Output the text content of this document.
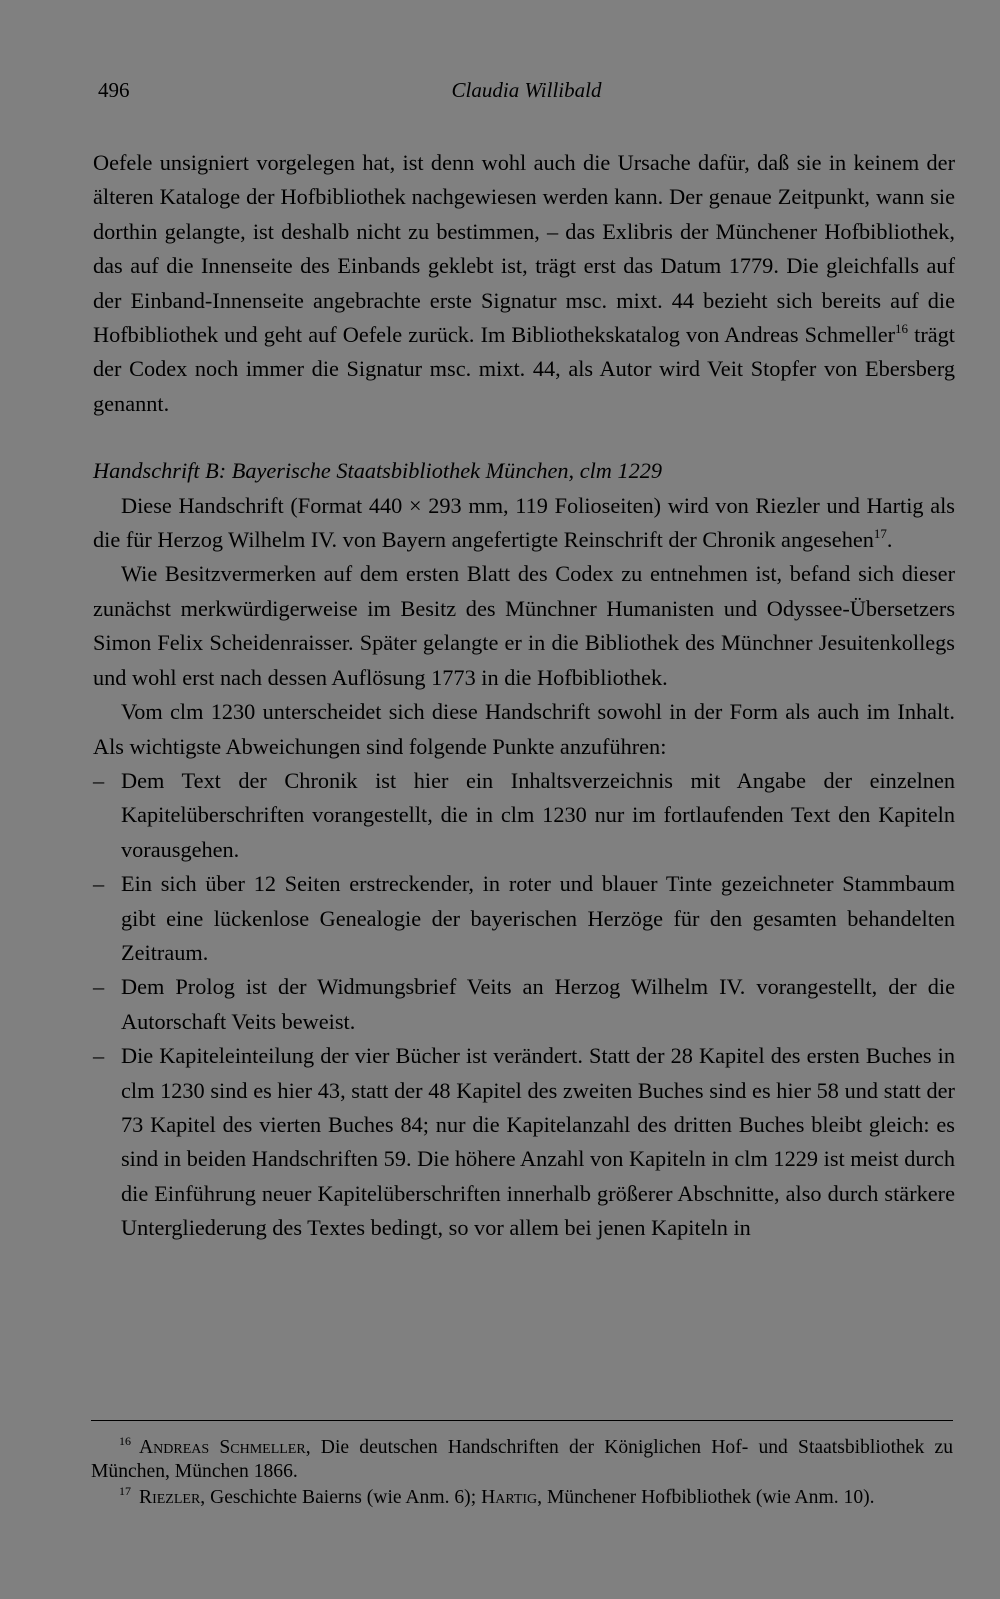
496	Claudia Willibald

Oefele unsigniert vorgelegen hat, ist denn wohl auch die Ursache dafür, daß sie in keinem der älteren Kataloge der Hofbibliothek nachgewiesen werden kann. Der genaue Zeitpunkt, wann sie dorthin gelangte, ist deshalb nicht zu bestimmen, – das Exlibris der Münchener Hofbibliothek, das auf die Innenseite des Einbands geklebt ist, trägt erst das Datum 1779. Die gleichfalls auf der Einband-Innenseite angebrachte erste Signatur msc. mixt. 44 bezieht sich bereits auf die Hofbibliothek und geht auf Oefele zurück. Im Bibliothekskatalog von Andreas Schmeller$^{16}$ trägt der Codex noch immer die Signatur msc. mixt. 44, als Autor wird Veit Stopfer von Ebersberg genannt.

Handschrift B: Bayerische Staatsbibliothek München, clm 1229

Diese Handschrift (Format 440 × 293 mm, 119 Folioseiten) wird von Riezler und Hartig als die für Herzog Wilhelm IV. von Bayern angefertigte Reinschrift der Chronik angesehen$^{17}$.

Wie Besitzvermerken auf dem ersten Blatt des Codex zu entnehmen ist, befand sich dieser zunächst merkwürdigerweise im Besitz des Münchner Humanisten und Odyssee-Übersetzers Simon Felix Scheidenraisser. Später gelangte er in die Bibliothek des Münchner Jesuitenkollegs und wohl erst nach dessen Auflösung 1773 in die Hofbibliothek.

Vom clm 1230 unterscheidet sich diese Handschrift sowohl in der Form als auch im Inhalt. Als wichtigste Abweichungen sind folgende Punkte anzuführen:

– Dem Text der Chronik ist hier ein Inhaltsverzeichnis mit Angabe der einzelnen Kapitelüberschriften vorangestellt, die in clm 1230 nur im fortlaufenden Text den Kapiteln vorausgehen.
– Ein sich über 12 Seiten erstreckender, in roter und blauer Tinte gezeichneter Stammbaum gibt eine lückenlose Genealogie der bayerischen Herzöge für den gesamten behandelten Zeitraum.
– Dem Prolog ist der Widmungsbrief Veits an Herzog Wilhelm IV. vorangestellt, der die Autorschaft Veits beweist.
– Die Kapiteleinteilung der vier Bücher ist verändert. Statt der 28 Kapitel des ersten Buches in clm 1230 sind es hier 43, statt der 48 Kapitel des zweiten Buches sind es hier 58 und statt der 73 Kapitel des vierten Buches 84; nur die Kapitelanzahl des dritten Buches bleibt gleich: es sind in beiden Handschriften 59. Die höhere Anzahl von Kapiteln in clm 1229 ist meist durch die Einführung neuer Kapitelüberschriften innerhalb größerer Abschnitte, also durch stärkere Untergliederung des Textes bedingt, so vor allem bei jenen Kapiteln in

$^{16}$ Andreas Schmeller, Die deutschen Handschriften der Königlichen Hof- und Staatsbibliothek zu München, München 1866.

$^{17}$ Riezler, Geschichte Baierns (wie Anm. 6); Hartig, Münchener Hofbibliothek (wie Anm. 10).
